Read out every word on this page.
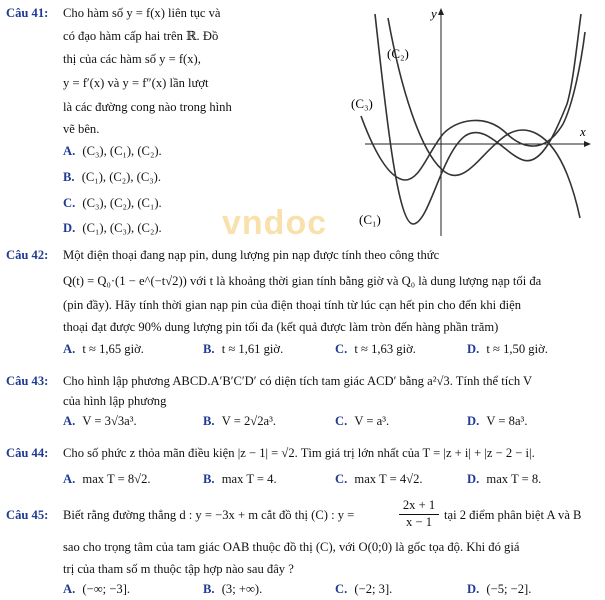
Câu 41: Cho hàm số y = f(x) liên tục và
có đạo hàm cấp hai trên ℝ. Đồ
thị của các hàm số y = f(x),
y = f′(x) và y = f″(x) lần lượt
là các đường cong nào trong hình
vẽ bên.
A. (C₃), (C₁), (C₂).
B. (C₁), (C₂), (C₃).
C. (C₃), (C₂), (C₁).
D. (C₁), (C₃), (C₂).
y
x
(C₂)
(C₃)
(C₁)
vndoc
Câu 42: Một điện thoại đang nạp pin, dung lượng pin nạp được tính theo công thức
Q(t) = Q₀·(1 − e^(−t√2)) với t là khoảng thời gian tính bằng giờ và Q₀ là dung lượng nạp tối đa
(pin đầy). Hãy tính thời gian nạp pin của điện thoại tính từ lúc cạn hết pin cho đến khi điện
thoại đạt được 90% dung lượng pin tối đa (kết quả được làm tròn đến hàng phần trăm)
A. t ≈ 1,65 giờ.	B. t ≈ 1,61 giờ.	C. t ≈ 1,63 giờ.	D. t ≈ 1,50 giờ.
Câu 43: Cho hình lập phương ABCD.A′B′C′D′ có diện tích tam giác ACD′ bằng a²√3. Tính thể tích V
của hình lập phương
A. V = 3√3a³.	B. V = 2√2a³.	C. V = a³.	D. V = 8a³.
Câu 44: Cho số phức z thỏa mãn điều kiện |z − 1| = √2. Tìm giá trị lớn nhất của T = |z + i| + |z − 2 − i|.
A. max T = 8√2.	B. max T = 4.	C. max T = 4√2.	D. max T = 8.
Câu 45: Biết rằng đường thẳng d : y = −3x + m cắt đồ thị (C) : y =	$\frac{2x + 1}{x - 1}$ tại 2 điểm phân biệt A và B
sao cho trọng tâm của tam giác OAB thuộc đồ thị (C), với O(0;0) là gốc tọa độ. Khi đó giá
trị của tham số m thuộc tập hợp nào sau đây ?
A. (−∞; −3].	B. (3; +∞).	C. (−2; 3].	D. (−5; −2].
